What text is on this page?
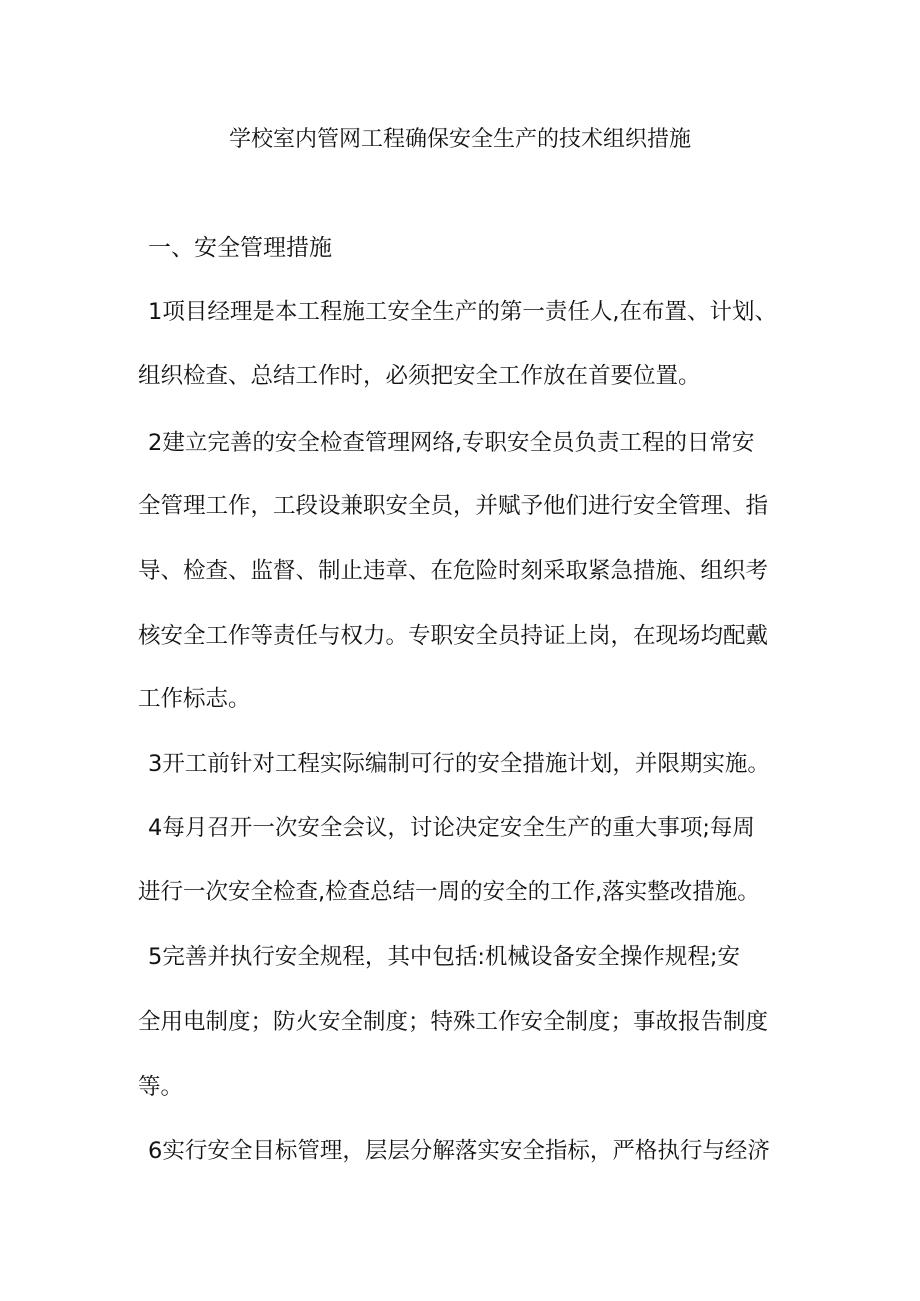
学校室内管网工程确保安全生产的技术组织措施
一、安全管理措施
1项目经理是本工程施工安全生产的第一责任人,在布置、计划、
组织检查、总结工作时，必须把安全工作放在首要位置。
2建立完善的安全检查管理网络,专职安全员负责工程的日常安
全管理工作，工段设兼职安全员，并赋予他们进行安全管理、指
导、检查、监督、制止违章、在危险时刻采取紧急措施、组织考
核安全工作等责任与权力。专职安全员持证上岗，在现场均配戴
工作标志。
3开工前针对工程实际编制可行的安全措施计划，并限期实施。
4每月召开一次安全会议，讨论决定安全生产的重大事项;每周
进行一次安全检查,检查总结一周的安全的工作,落实整改措施。
5完善并执行安全规程，其中包括:机械设备安全操作规程;安
全用电制度；防火安全制度；特殊工作安全制度；事故报告制度
等。
6实行安全目标管理，层层分解落实安全指标，严格执行与经济
